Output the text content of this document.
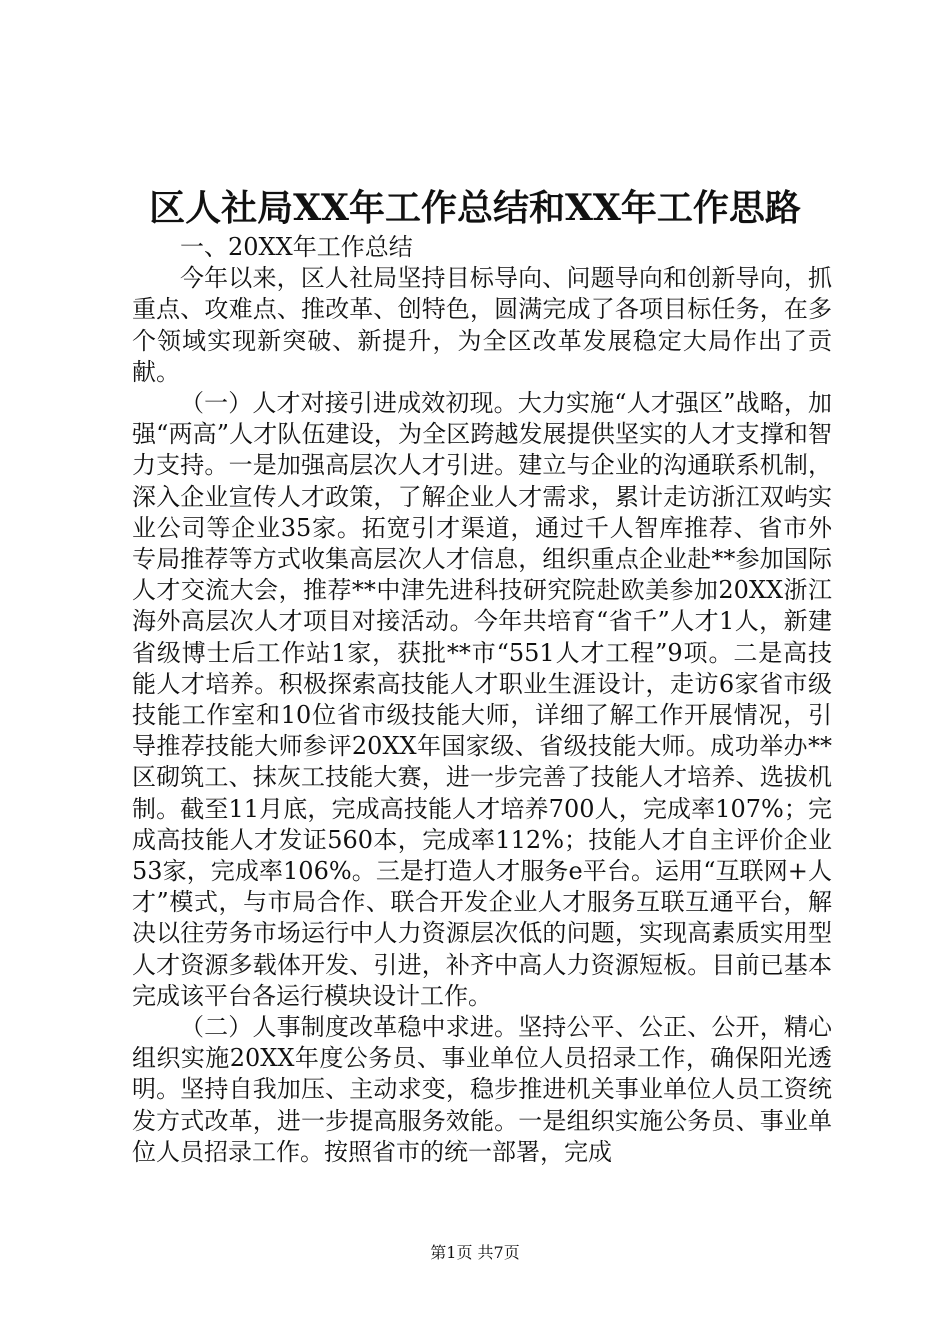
区人社局XX年工作总结和XX年工作思路

一、20XX年工作总结

今年以来，区人社局坚持目标导向、问题导向和创新导向，抓重点、攻难点、推改革、创特色，圆满完成了各项目标任务，在多个领域实现新突破、新提升，为全区改革发展稳定大局作出了贡献。

（一）人才对接引进成效初现。大力实施“人才强区”战略，加强“两高”人才队伍建设，为全区跨越发展提供坚实的人才支撑和智力支持。一是加强高层次人才引进。建立与企业的沟通联系机制，深入企业宣传人才政策，了解企业人才需求，累计走访浙江双屿实业公司等企业35家。拓宽引才渠道，通过千人智库推荐、省市外专局推荐等方式收集高层次人才信息，组织重点企业赴**参加国际人才交流大会，推荐**中津先进科技研究院赴欧美参加20XX浙江海外高层次人才项目对接活动。今年共培育“省千”人才1人，新建省级博士后工作站1家，获批**市“551人才工程”9项。二是高技能人才培养。积极探索高技能人才职业生涯设计，走访6家省市级技能工作室和10位省市级技能大师，详细了解工作开展情况，引导推荐技能大师参评20XX年国家级、省级技能大师。成功举办**区砌筑工、抹灰工技能大赛，进一步完善了技能人才培养、选拔机制。截至11月底，完成高技能人才培养700人，完成率107%；完成高技能人才发证560本，完成率112%；技能人才自主评价企业53家，完成率106%。三是打造人才服务e平台。运用“互联网+人才”模式，与市局合作、联合开发企业人才服务互联互通平台，解决以往劳务市场运行中人力资源层次低的问题，实现高素质实用型人才资源多载体开发、引进，补齐中高人力资源短板。目前已基本完成该平台各运行模块设计工作。

（二）人事制度改革稳中求进。坚持公平、公正、公开，精心组织实施20XX年度公务员、事业单位人员招录工作，确保阳光透明。坚持自我加压、主动求变，稳步推进机关事业单位人员工资统发方式改革，进一步提高服务效能。一是组织实施公务员、事业单位人员招录工作。按照省市的统一部署，完成

第1页 共7页
